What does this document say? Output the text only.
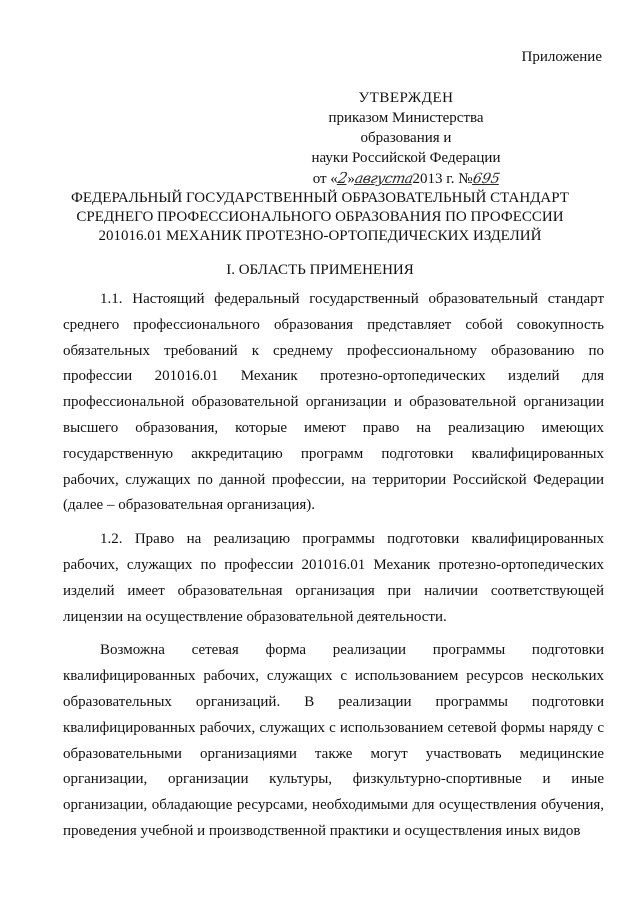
Приложение
УТВЕРЖДЕН
приказом Министерства образования и
науки Российской Федерации
от «2»августа2013 г. №695
ФЕДЕРАЛЬНЫЙ ГОСУДАРСТВЕННЫЙ ОБРАЗОВАТЕЛЬНЫЙ СТАНДАРТ
СРЕДНЕГО ПРОФЕССИОНАЛЬНОГО ОБРАЗОВАНИЯ ПО ПРОФЕССИИ
201016.01 МЕХАНИК ПРОТЕЗНО-ОРТОПЕДИЧЕСКИХ ИЗДЕЛИЙ
I. ОБЛАСТЬ ПРИМЕНЕНИЯ

1.1. Настоящий федеральный государственный образовательный стандарт среднего профессионального образования представляет собой совокупность обязательных требований к среднему профессиональному образованию по профессии 201016.01 Механик протезно-ортопедических изделий для профессиональной образовательной организации и образовательной организации высшего образования, которые имеют право на реализацию имеющих государственную аккредитацию программ подготовки квалифицированных рабочих, служащих по данной профессии, на территории Российской Федерации (далее – образовательная организация).

1.2. Право на реализацию программы подготовки квалифицированных рабочих, служащих по профессии 201016.01 Механик протезно-ортопедических изделий имеет образовательная организация при наличии соответствующей лицензии на осуществление образовательной деятельности.

Возможна сетевая форма реализации программы подготовки квалифицированных рабочих, служащих с использованием ресурсов нескольких образовательных организаций. В реализации программы подготовки квалифицированных рабочих, служащих с использованием сетевой формы наряду с образовательными организациями также могут участвовать медицинские организации, организации культуры, физкультурно-спортивные и иные организации, обладающие ресурсами, необходимыми для осуществления обучения, проведения учебной и производственной практики и осуществления иных видов
